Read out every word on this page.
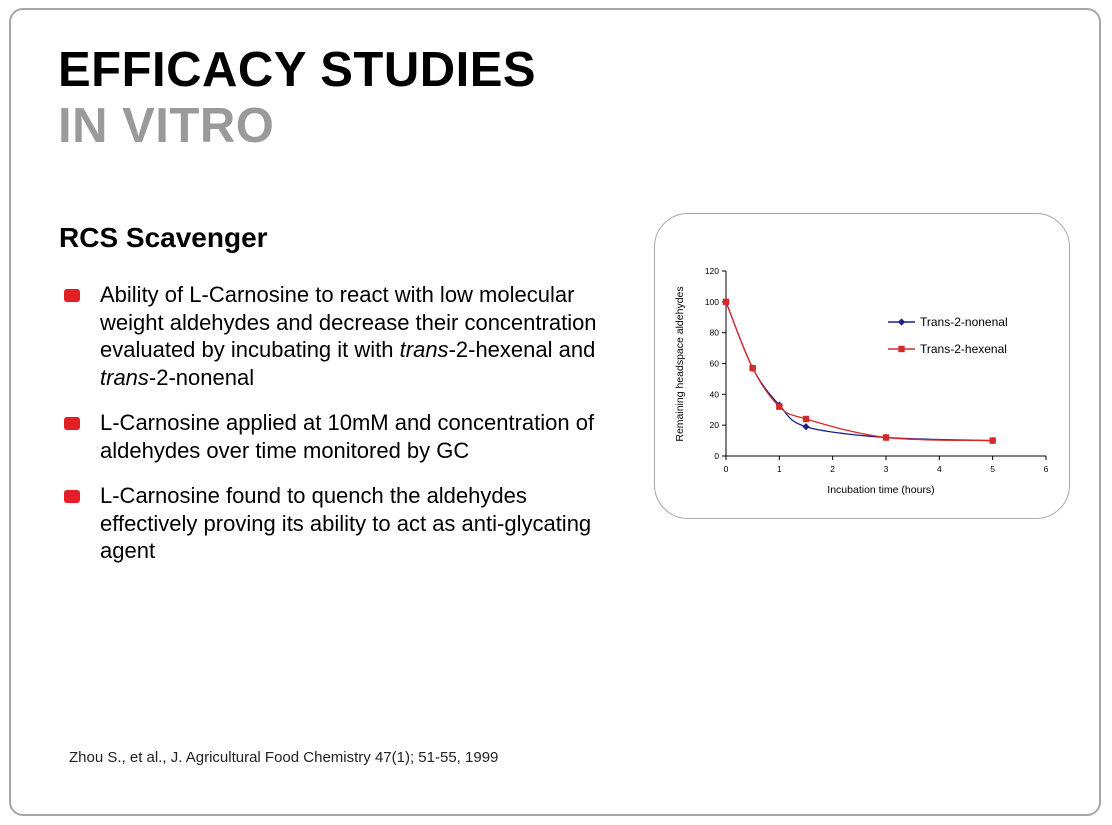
EFFICACY STUDIES
IN VITRO
RCS Scavenger
Ability of L-Carnosine to react with low molecular weight aldehydes and decrease their concentration evaluated by incubating it with trans-2-hexenal and trans-2-nonenal
L-Carnosine applied at 10mM and concentration of aldehydes over time monitored by GC
L-Carnosine found to quench the aldehydes effectively proving its ability to act as anti-glycating agent
Zhou S., et al., J. Agricultural Food Chemistry 47(1); 51-55, 1999
0
20
40
60
80
100
120
0	1	2	3	4	5	6
Trans-2-nonenal
Trans-2-hexenal
Incubation time (hours)
Remaining headspace aldehydes
